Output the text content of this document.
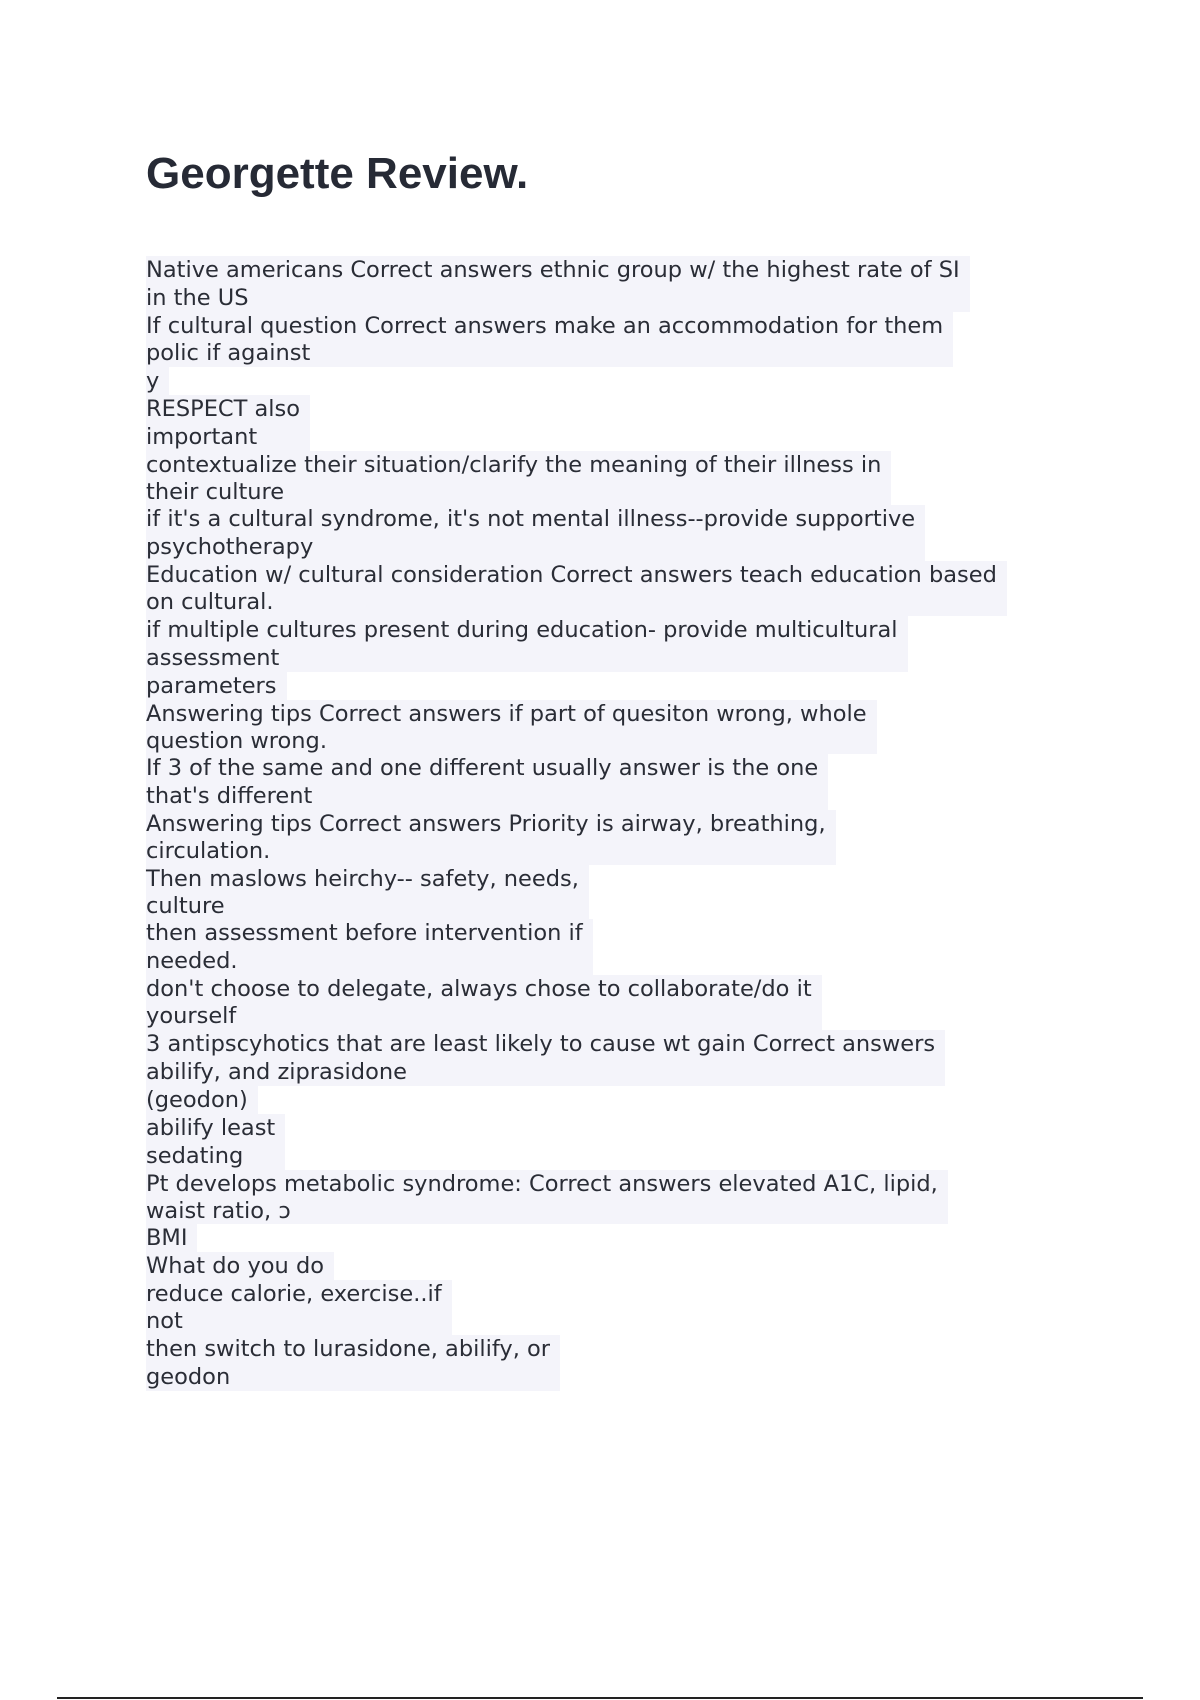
Georgette Review.
Native americans Correct answers ethnic group w/ the highest rate of SI
in the US
If cultural question Correct answers make an accommodation for them
polic if against
y
RESPECT also
important
contextualize their situation/clarify the meaning of their illness in
their culture
if it's a cultural syndrome, it's not mental illness--provide supportive
psychotherapy
Education w/ cultural consideration Correct answers teach education based
on cultural.
if multiple cultures present during education- provide multicultural
assessment
parameters
Answering tips Correct answers if part of quesiton wrong, whole
question wrong.
If 3 of the same and one different usually answer is the one
that's different
Answering tips Correct answers Priority is airway, breathing,
circulation.
Then maslows heirchy-- safety, needs,
culture
then assessment before intervention if
needed.
don't choose to delegate, always chose to collaborate/do it
yourself
3 antipscyhotics that are least likely to cause wt gain Correct answers
abilify, and ziprasidone
(geodon)
abilify least
sedating
Pt develops metabolic syndrome: Correct answers elevated A1C, lipid,
waist ratio, ɔ
BMI
What do you do
reduce calorie, exercise..if
not
then switch to lurasidone, abilify, or
geodon
